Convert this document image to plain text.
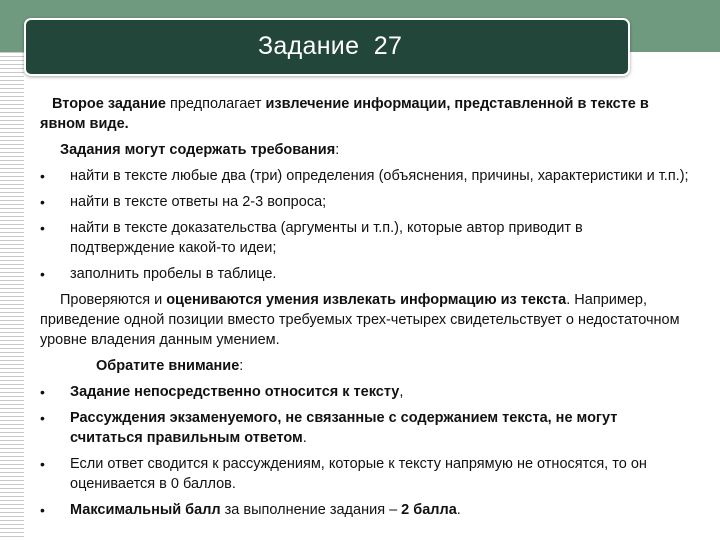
Задание  27

Второе задание предполагает извлечение информации, представленной в тексте в явном виде.

Задания могут содержать требования:

• найти в тексте любые два (три) определения (объяснения, причины, характеристики и т.п.);
• найти в тексте ответы на 2-3 вопроса;
• найти в тексте доказательства (аргументы и т.п.), которые автор приводит в подтверждение какой-то идеи;
• заполнить пробелы в таблице.

Проверяются и оцениваются умения извлекать информацию из текста. Например, приведение одной позиции вместо требуемых трех-четырех свидетельствует о недостаточном уровне владения данным умением.

Обратите внимание:

• Задание непосредственно относится к тексту,
• Рассуждения экзаменуемого, не связанные с содержанием текста, не могут считаться правильным ответом.
• Если ответ сводится к рассуждениям, которые к тексту напрямую не относятся, то он оценивается в 0 баллов.
• Максимальный балл за выполнение задания – 2 балла.
